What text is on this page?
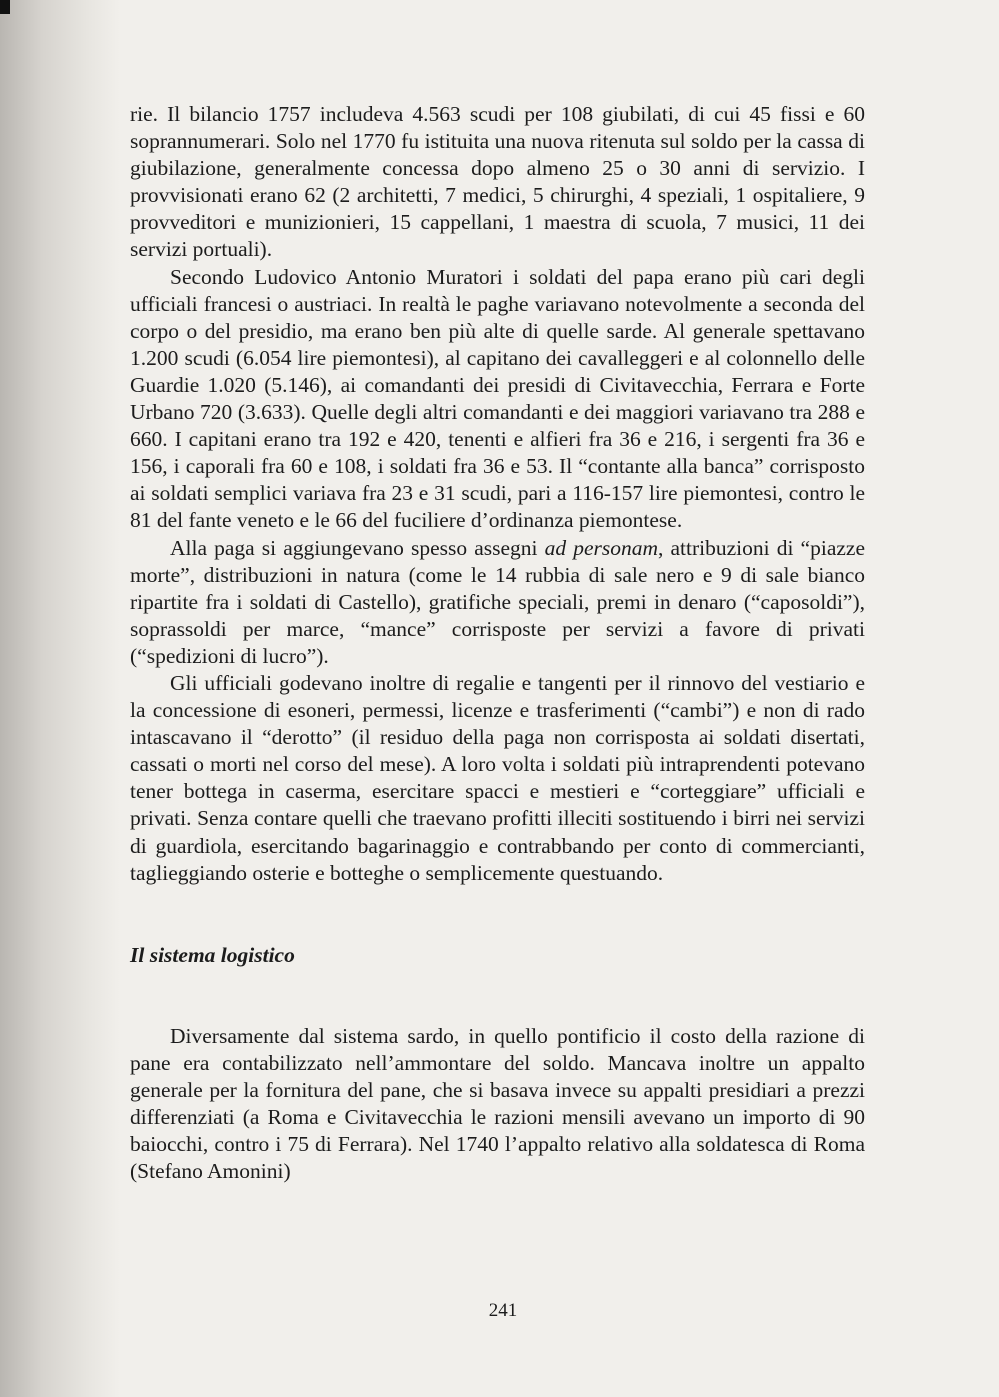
rie. Il bilancio 1757 includeva 4.563 scudi per 108 giubilati, di cui 45 fissi e 60 soprannumerari. Solo nel 1770 fu istituita una nuova ritenuta sul soldo per la cassa di giubilazione, generalmente concessa dopo almeno 25 o 30 anni di servizio. I provvisionati erano 62 (2 architetti, 7 medici, 5 chirurghi, 4 speziali, 1 ospitaliere, 9 provveditori e munizionieri, 15 cappellani, 1 maestra di scuola, 7 musici, 11 dei servizi portuali).

Secondo Ludovico Antonio Muratori i soldati del papa erano più cari degli ufficiali francesi o austriaci. In realtà le paghe variavano notevolmente a seconda del corpo o del presidio, ma erano ben più alte di quelle sarde. Al generale spettavano 1.200 scudi (6.054 lire piemontesi), al capitano dei cavalleggeri e al colonnello delle Guardie 1.020 (5.146), ai comandanti dei presidi di Civitavecchia, Ferrara e Forte Urbano 720 (3.633). Quelle degli altri comandanti e dei maggiori variavano tra 288 e 660. I capitani erano tra 192 e 420, tenenti e alfieri fra 36 e 216, i sergenti fra 36 e 156, i caporali fra 60 e 108, i soldati fra 36 e 53. Il “contante alla banca” corrisposto ai soldati semplici variava fra 23 e 31 scudi, pari a 116-157 lire piemontesi, contro le 81 del fante veneto e le 66 del fuciliere d’ordinanza piemontese.

Alla paga si aggiungevano spesso assegni ad personam, attribuzioni di “piazze morte”, distribuzioni in natura (come le 14 rubbia di sale nero e 9 di sale bianco ripartite fra i soldati di Castello), gratifiche speciali, premi in denaro (“caposoldi”), soprassoldi per marce, “mance” corrisposte per servizi a favore di privati (“spedizioni di lucro”).

Gli ufficiali godevano inoltre di regalie e tangenti per il rinnovo del vestiario e la concessione di esoneri, permessi, licenze e trasferimenti (“cambi”) e non di rado intascavano il “derotto” (il residuo della paga non corrisposta ai soldati disertati, cassati o morti nel corso del mese). A loro volta i soldati più intraprendenti potevano tener bottega in caserma, esercitare spacci e mestieri e “corteggiare” ufficiali e privati. Senza contare quelli che traevano profitti illeciti sostituendo i birri nei servizi di guardiola, esercitando bagarinaggio e contrabbando per conto di commercianti, taglieggiando osterie e botteghe o semplicemente questuando.

Il sistema logistico

Diversamente dal sistema sardo, in quello pontificio il costo della razione di pane era contabilizzato nell’ammontare del soldo. Mancava inoltre un appalto generale per la fornitura del pane, che si basava invece su appalti presidiari a prezzi differenziati (a Roma e Civitavecchia le razioni mensili avevano un importo di 90 baiocchi, contro i 75 di Ferrara). Nel 1740 l’appalto relativo alla soldatesca di Roma (Stefano Amonini)

241
